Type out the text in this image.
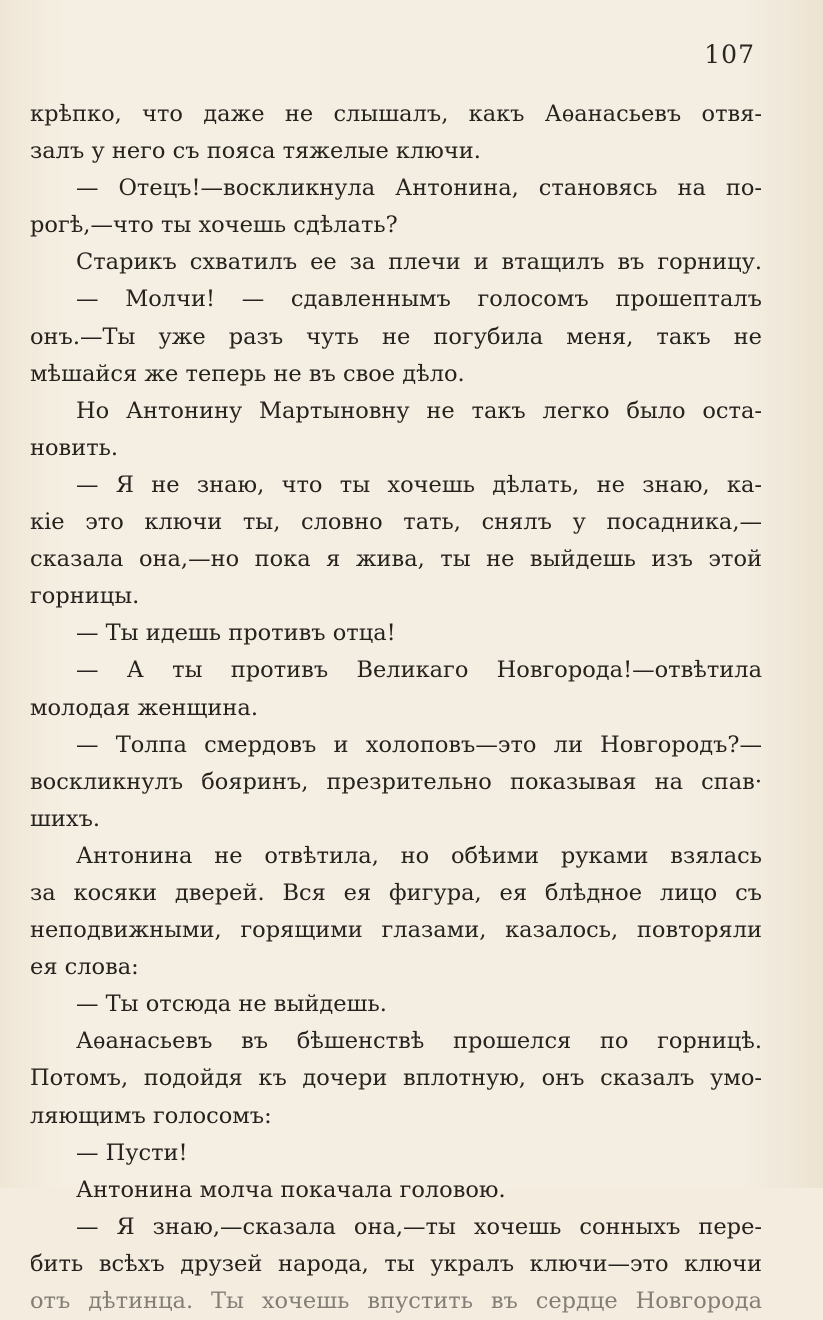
107
крѣпко, что даже не слышалъ, какъ Аѳанасьевъ отвя-
залъ у него съ пояса тяжелые ключи.
— Отецъ!—воскликнула Антонина, становясь на по-
рогѣ,—что ты хочешь сдѣлать?
Старикъ схватилъ ее за плечи и втащилъ въ горницу.
— Молчи! — сдавленнымъ голосомъ прошепталъ
онъ.—Ты уже разъ чуть не погубила меня, такъ не
мѣшайся же теперь не въ свое дѣло.
Но Антонину Мартыновну не такъ легко было оста-
новить.
— Я не знаю, что ты хочешь дѣлать, не знаю, ка-
кіе это ключи ты, словно тать, снялъ у посадника,—
сказала она,—но пока я жива, ты не выйдешь изъ этой
горницы.
— Ты идешь противъ отца!
— А ты противъ Великаго Новгорода!—отвѣтила
молодая женщина.
— Толпа смердовъ и холоповъ—это ли Новгородъ?—
воскликнулъ бояринъ, презрительно показывая на спав·
шихъ.
Антонина не отвѣтила, но обѣими руками взялась
за косяки дверей. Вся ея фигура, ея блѣдное лицо съ
неподвижными, горящими глазами, казалось, повторяли
ея слова:
— Ты отсюда не выйдешь.
Аѳанасьевъ въ бѣшенствѣ прошелся по горницѣ.
Потомъ, подойдя къ дочери вплотную, онъ сказалъ умо-
ляющимъ голосомъ:
— Пусти!
Антонина молча покачала головою.
— Я знаю,—сказала она,—ты хочешь сонныхъ пере-
бить всѣхъ друзей народа, ты укралъ ключи—это ключи
отъ дѣтинца. Ты хочешь впустить въ сердце Новгорода
